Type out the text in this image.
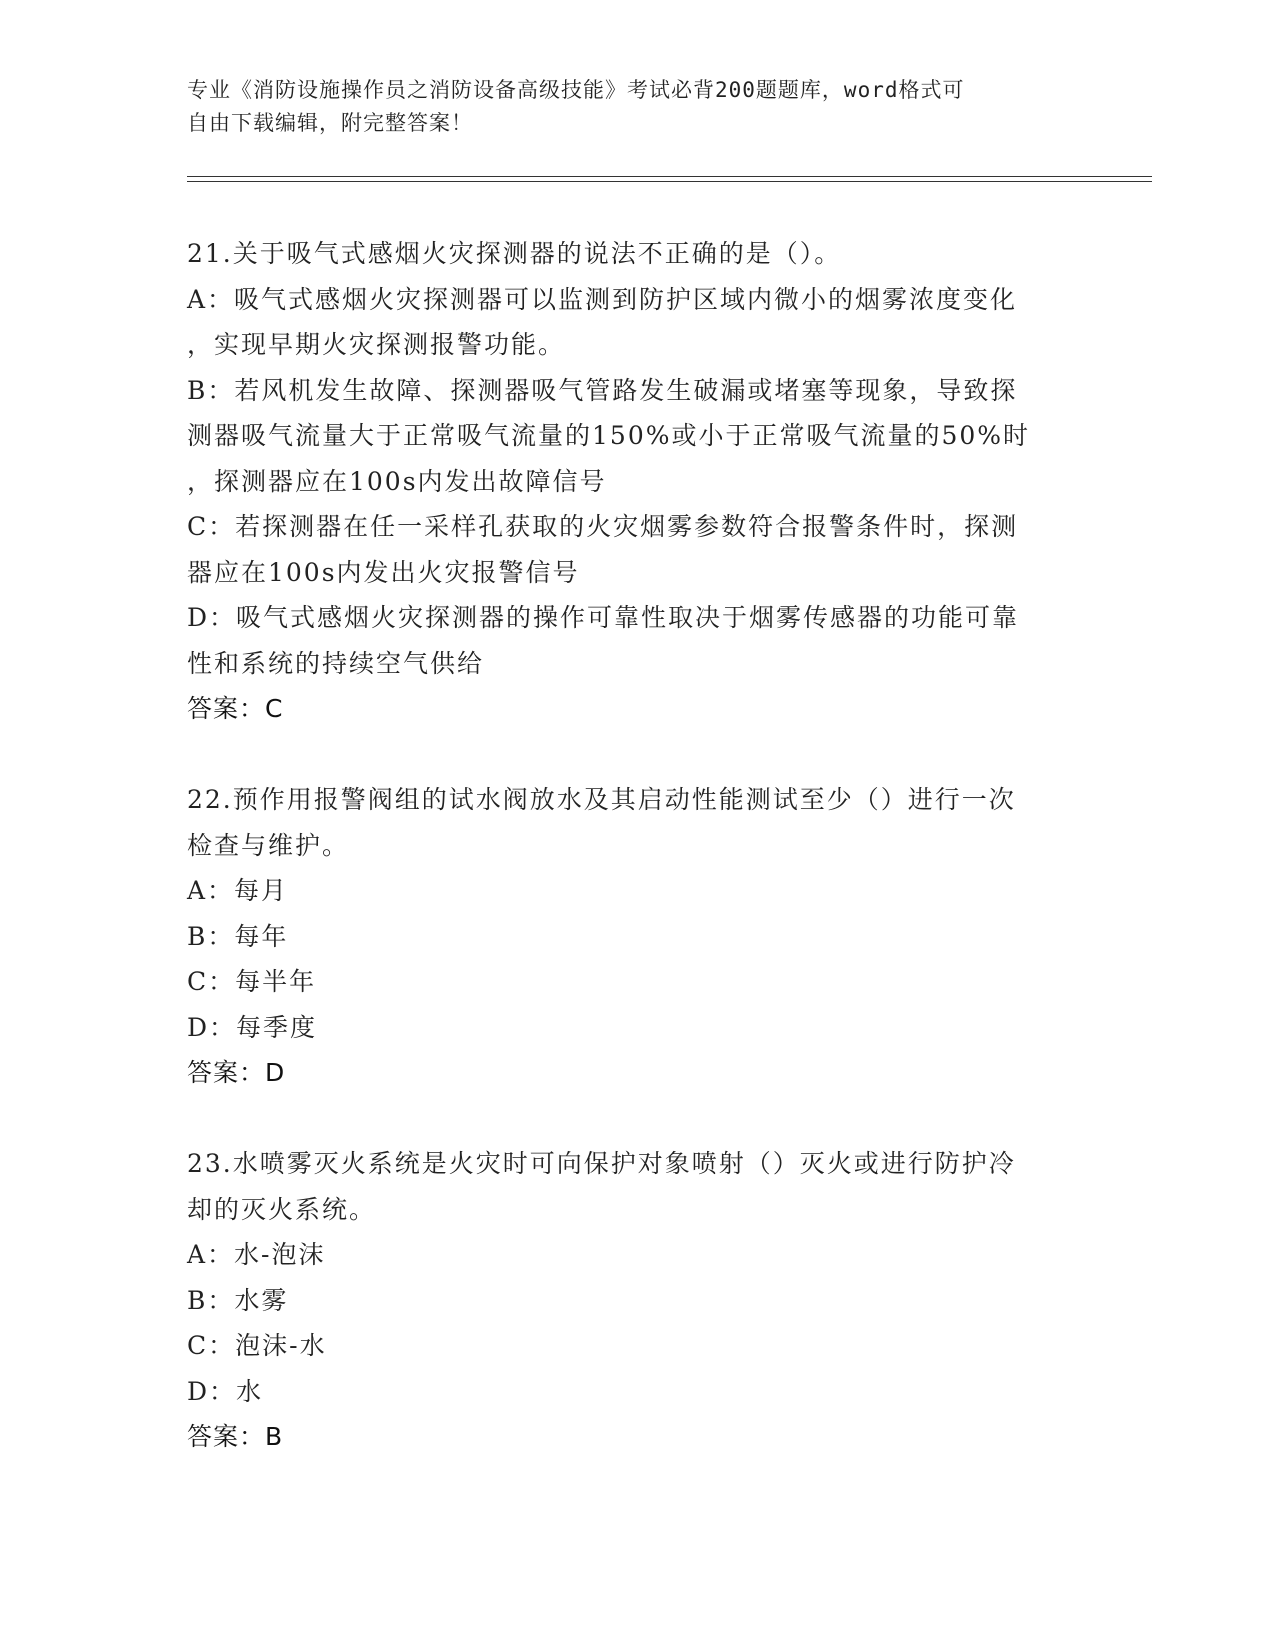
专业《消防设施操作员之消防设备高级技能》考试必背200题题库，word格式可
自由下载编辑，附完整答案！
21.关于吸气式感烟火灾探测器的说法不正确的是（）。
A：吸气式感烟火灾探测器可以监测到防护区域内微小的烟雾浓度变化
，实现早期火灾探测报警功能。
B：若风机发生故障、探测器吸气管路发生破漏或堵塞等现象，导致探
测器吸气流量大于正常吸气流量的150%或小于正常吸气流量的50%时
，探测器应在100s内发出故障信号
C：若探测器在任一采样孔获取的火灾烟雾参数符合报警条件时，探测
器应在100s内发出火灾报警信号
D：吸气式感烟火灾探测器的操作可靠性取决于烟雾传感器的功能可靠
性和系统的持续空气供给
答案：C
22.预作用报警阀组的试水阀放水及其启动性能测试至少（）进行一次
检查与维护。
A：每月
B：每年
C：每半年
D：每季度
答案：D
23.水喷雾灭火系统是火灾时可向保护对象喷射（）灭火或进行防护冷
却的灭火系统。
A：水-泡沫
B：水雾
C：泡沫-水
D：水
答案：B
